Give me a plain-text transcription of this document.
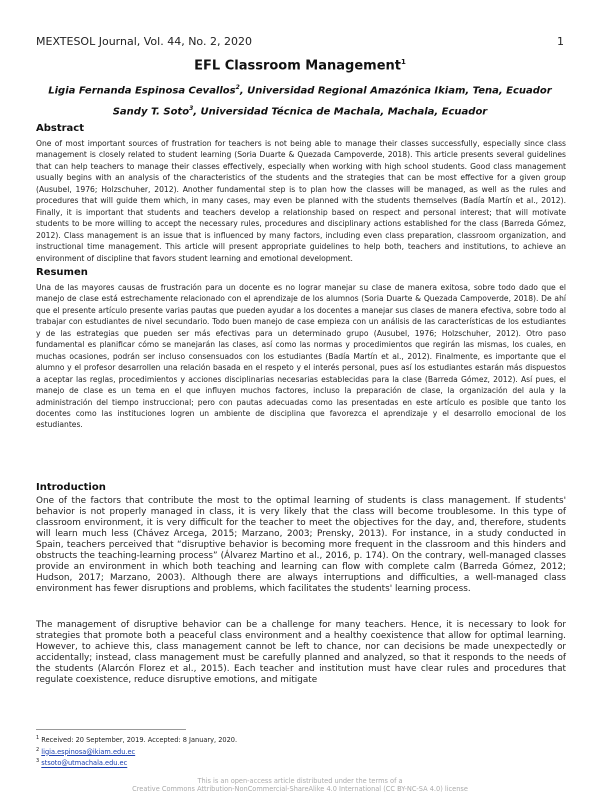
MEXTESOL Journal, Vol. 44, No. 2, 2020	1
EFL Classroom Management$^1$
Ligia Fernanda Espinosa Cevallos$^2$, Universidad Regional Amazónica Ikiam, Tena, Ecuador
Sandy T. Soto$^3$, Universidad Técnica de Machala, Machala, Ecuador
Abstract

One of most important sources of frustration for teachers is not being able to manage their classes successfully, especially since class management is closely related to student learning (Soria Duarte & Quezada Campoverde, 2018). This article presents several guidelines that can help teachers to manage their classes effectively, especially when working with high school students. Good class management usually begins with an analysis of the characteristics of the students and the strategies that can be most effective for a given group (Ausubel, 1976; Holzschuher, 2012). Another fundamental step is to plan how the classes will be managed, as well as the rules and procedures that will guide them which, in many cases, may even be planned with the students themselves (Badía Martín et al., 2012). Finally, it is important that students and teachers develop a relationship based on respect and personal interest; that will motivate students to be more willing to accept the necessary rules, procedures and disciplinary actions established for the class (Barreda Gómez, 2012). Class management is an issue that is influenced by many factors, including even class preparation, classroom organization, and instructional time management. This article will present appropriate guidelines to help both, teachers and institutions, to achieve an environment of discipline that favors student learning and emotional development.

Resumen

Una de las mayores causas de frustración para un docente es no lograr manejar su clase de manera exitosa, sobre todo dado que el manejo de clase está estrechamente relacionado con el aprendizaje de los alumnos (Soria Duarte & Quezada Campoverde, 2018). De ahí que el presente artículo presente varias pautas que pueden ayudar a los docentes a manejar sus clases de manera efectiva, sobre todo al trabajar con estudiantes de nivel secundario. Todo buen manejo de case empieza con un análisis de las características de los estudiantes y de las estrategias que pueden ser más efectivas para un determinado grupo (Ausubel, 1976; Holzschuher, 2012). Otro paso fundamental es planificar cómo se manejarán las clases, así como las normas y procedimientos que regirán las mismas, los cuales, en muchas ocasiones, podrán ser incluso consensuados con los estudiantes (Badía Martín et al., 2012). Finalmente, es importante que el alumno y el profesor desarrollen una relación basada en el respeto y el interés personal, pues así los estudiantes estarán más dispuestos a aceptar las reglas, procedimientos y acciones disciplinarias necesarias establecidas para la clase (Barreda Gómez, 2012). Así pues, el manejo de clase es un tema en el que influyen muchos factores, incluso la preparación de clase, la organización del aula y la administración del tiempo instruccional; pero con pautas adecuadas como las presentadas en este artículo es posible que tanto los docentes como las instituciones logren un ambiente de disciplina que favorezca el aprendizaje y el desarrollo emocional de los estudiantes.

Introduction

One of the factors that contribute the most to the optimal learning of students is class management. If students' behavior is not properly managed in class, it is very likely that the class will become troublesome. In this type of classroom environment, it is very difficult for the teacher to meet the objectives for the day, and, therefore, students will learn much less (Chávez Arcega, 2015; Marzano, 2003; Prensky, 2013). For instance, in a study conducted in Spain, teachers perceived that “disruptive behavior is becoming more frequent in the classroom and this hinders and obstructs the teaching-learning process” (Álvarez Martino et al., 2016, p. 174). On the contrary, well-managed classes provide an environment in which both teaching and learning can flow with complete calm (Barreda Gómez, 2012; Hudson, 2017; Marzano, 2003). Although there are always interruptions and difficulties, a well-managed class environment has fewer disruptions and problems, which facilitates the students' learning process.

The management of disruptive behavior can be a challenge for many teachers. Hence, it is necessary to look for strategies that promote both a peaceful class environment and a healthy coexistence that allow for optimal learning. However, to achieve this, class management cannot be left to chance, nor can decisions be made unexpectedly or accidentally; instead, class management must be carefully planned and analyzed, so that it responds to the needs of the students (Alarcón Florez et al., 2015). Each teacher and institution must have clear rules and procedures that regulate coexistence, reduce disruptive emotions, and mitigate

$^1$ Received: 20 September, 2019. Accepted: 8 January, 2020.
$^2$ ligia.espinosa@ikiam.edu.ec
$^3$ stsoto@utmachala.edu.ec
This is an open-access article distributed under the terms of a
Creative Commons Attribution-NonCommercial-ShareAlike 4.0 International (CC BY-NC-SA 4.0) license
